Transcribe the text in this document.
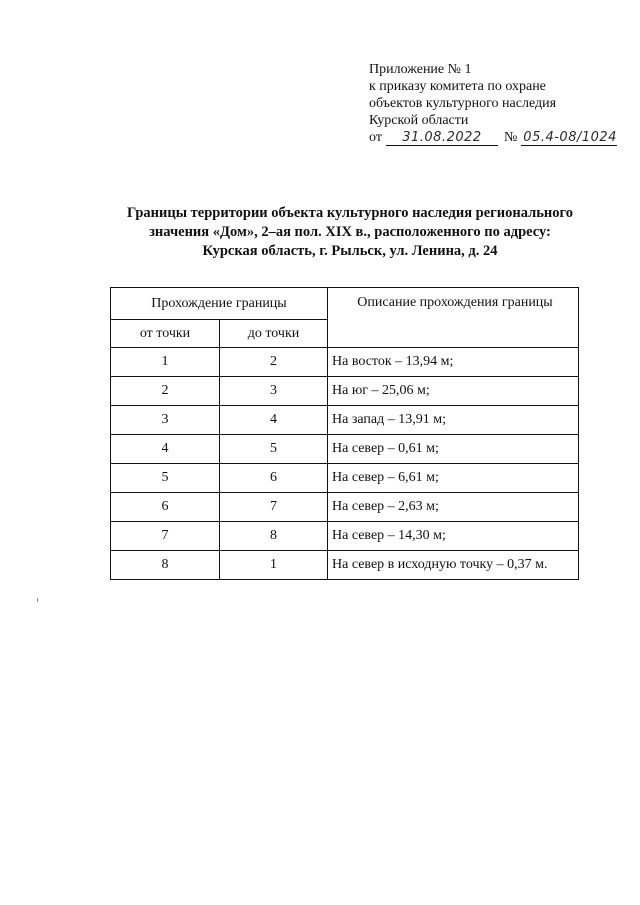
Приложение № 1
к приказу комитета по охране
объектов культурного наследия
Курской области
от	31.08.2022	№ 05.4-08/1024
Границы территории объекта культурного наследия регионального
значения «Дом», 2–ая пол. XIX в., расположенного по адресу:
Курская область, г. Рыльск, ул. Ленина, д. 24
Прохождение границы		Описание прохождения границы
от точки	до точки	
1	2	На восток – 13,94 м;
2	3	На юг – 25,06 м;
3	4	На запад – 13,91 м;
4	5	На север – 0,61 м;
5	6	На север – 6,61 м;
6	7	На север – 2,63 м;
7	8	На север – 14,30 м;
8	1	На север в исходную точку – 0,37 м.
